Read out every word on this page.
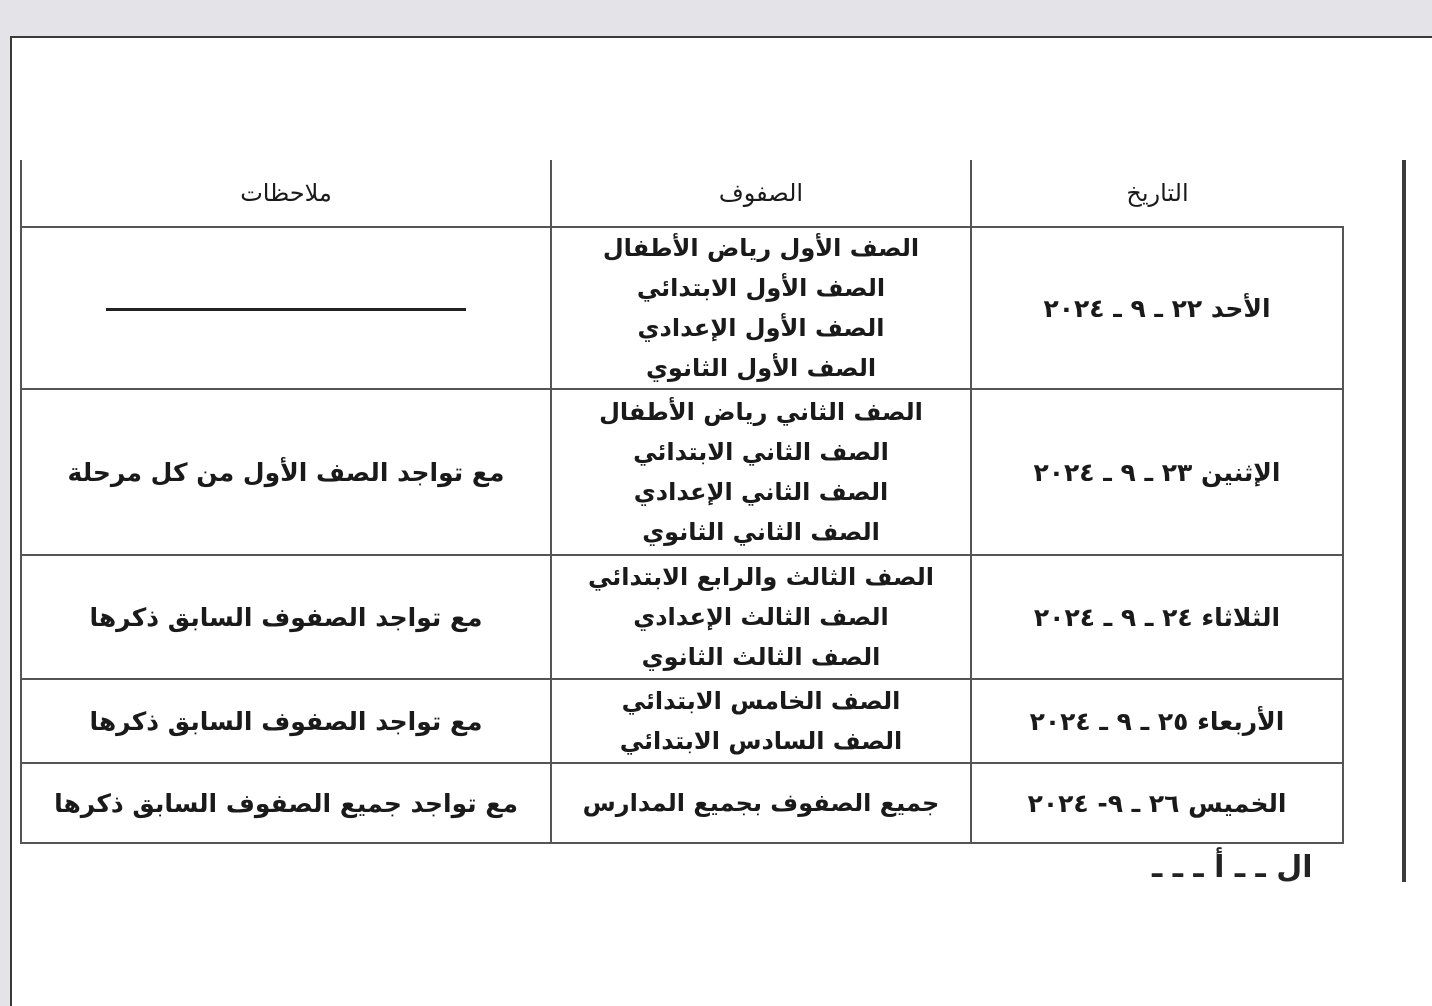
التاريخ	الصفوف	ملاحظات
الأحد ٢٢ ـ ٩ ـ ٢٠٢٤	الصف الأول رياض الأطفال
الصف الأول الابتدائي
الصف الأول الإعدادي
الصف الأول الثانوي	

الإثنين ٢٣ ـ ٩ ـ ٢٠٢٤	الصف الثاني رياض الأطفال
الصف الثاني الابتدائي
الصف الثاني الإعدادي
الصف الثاني الثانوي	مع تواجد الصف الأول من كل مرحلة
الثلاثاء ٢٤ ـ ٩ ـ ٢٠٢٤	الصف الثالث والرابع الابتدائي
الصف الثالث الإعدادي
الصف الثالث الثانوي	مع تواجد الصفوف السابق ذكرها
الأربعاء ٢٥ ـ ٩ ـ ٢٠٢٤	الصف الخامس الابتدائي
الصف السادس الابتدائي	مع تواجد الصفوف السابق ذكرها
الخميس ٢٦ ـ ٩- ٢٠٢٤	جميع الصفوف بجميع المدارس	مع تواجد جميع الصفوف السابق ذكرها
ال ـ ـ أ ـ ـ ـ
